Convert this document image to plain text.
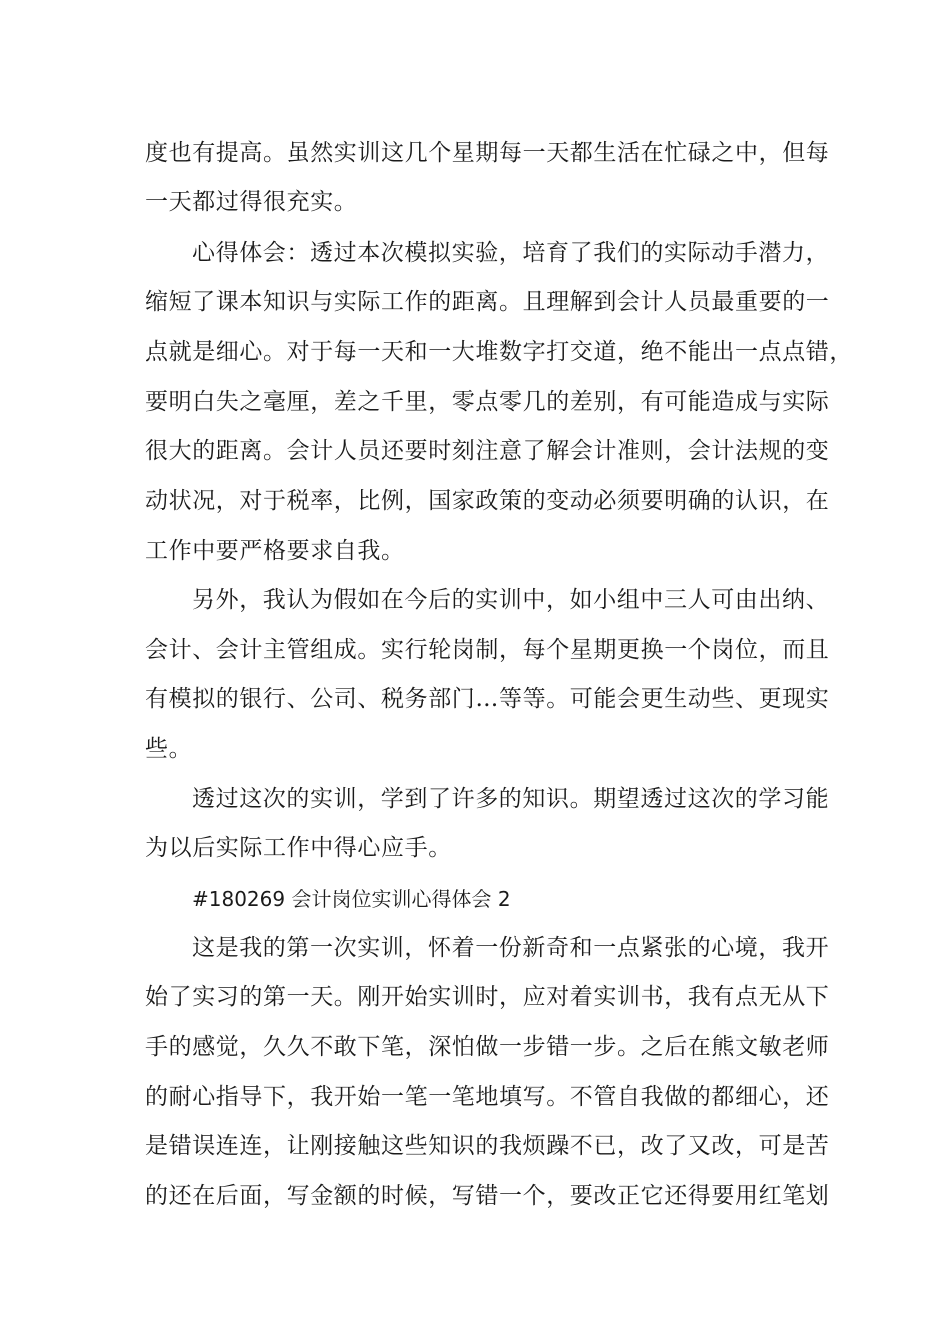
度也有提高。虽然实训这几个星期每一天都生活在忙碌之中，但每
一天都过得很充实。
心得体会：透过本次模拟实验，培育了我们的实际动手潜力，
缩短了课本知识与实际工作的距离。且理解到会计人员最重要的一
点就是细心。对于每一天和一大堆数字打交道，绝不能出一点点错，
要明白失之毫厘，差之千里，零点零几的差别，有可能造成与实际
很大的距离。会计人员还要时刻注意了解会计准则，会计法规的变
动状况，对于税率，比例，国家政策的变动必须要明确的认识，在
工作中要严格要求自我。
另外，我认为假如在今后的实训中，如小组中三人可由出纳、
会计、会计主管组成。实行轮岗制，每个星期更换一个岗位，而且
有模拟的银行、公司、税务部门…等等。可能会更生动些、更现实
些。
透过这次的实训，学到了许多的知识。期望透过这次的学习能
为以后实际工作中得心应手。
#180269 会计岗位实训心得体会 2
这是我的第一次实训，怀着一份新奇和一点紧张的心境，我开
始了实习的第一天。刚开始实训时，应对着实训书，我有点无从下
手的感觉，久久不敢下笔，深怕做一步错一步。之后在熊文敏老师
的耐心指导下，我开始一笔一笔地填写。不管自我做的都细心，还
是错误连连，让刚接触这些知识的我烦躁不已，改了又改，可是苦
的还在后面，写金额的时候，写错一个，要改正它还得要用红笔划
